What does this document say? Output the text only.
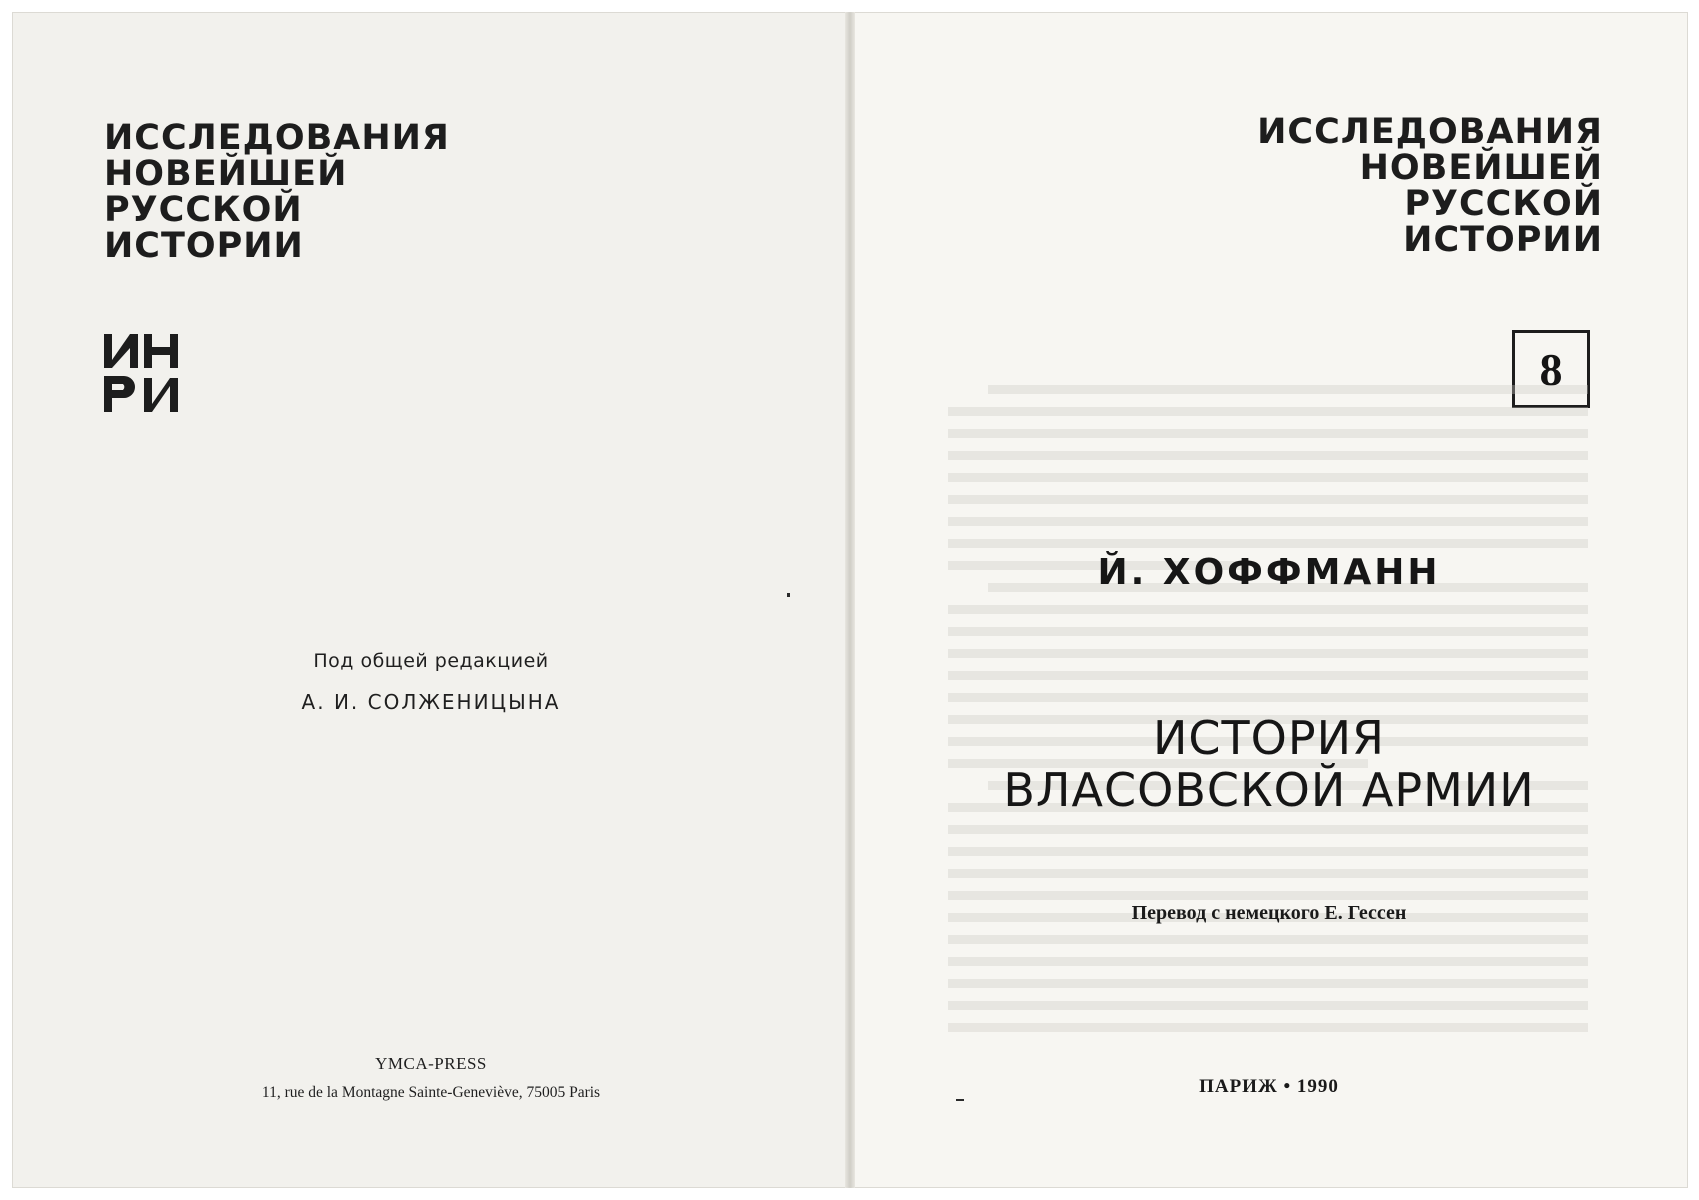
ИССЛЕДОВАНИЯ
НОВЕЙШЕЙ
РУССКОЙ
ИСТОРИИ
Под общей редакцией
А. И. СОЛЖЕНИЦЫНА
YMCA-PRESS
11, rue de la Montagne Sainte-Geneviève, 75005 Paris
ИССЛЕДОВАНИЯ
НОВЕЙШЕЙ
РУССКОЙ
ИСТОРИИ
8
Й. ХОФФМАНН
ИСТОРИЯ
ВЛАСОВСКОЙ АРМИИ
Перевод с немецкого Е. Гессен
ПАРИЖ • 1990
